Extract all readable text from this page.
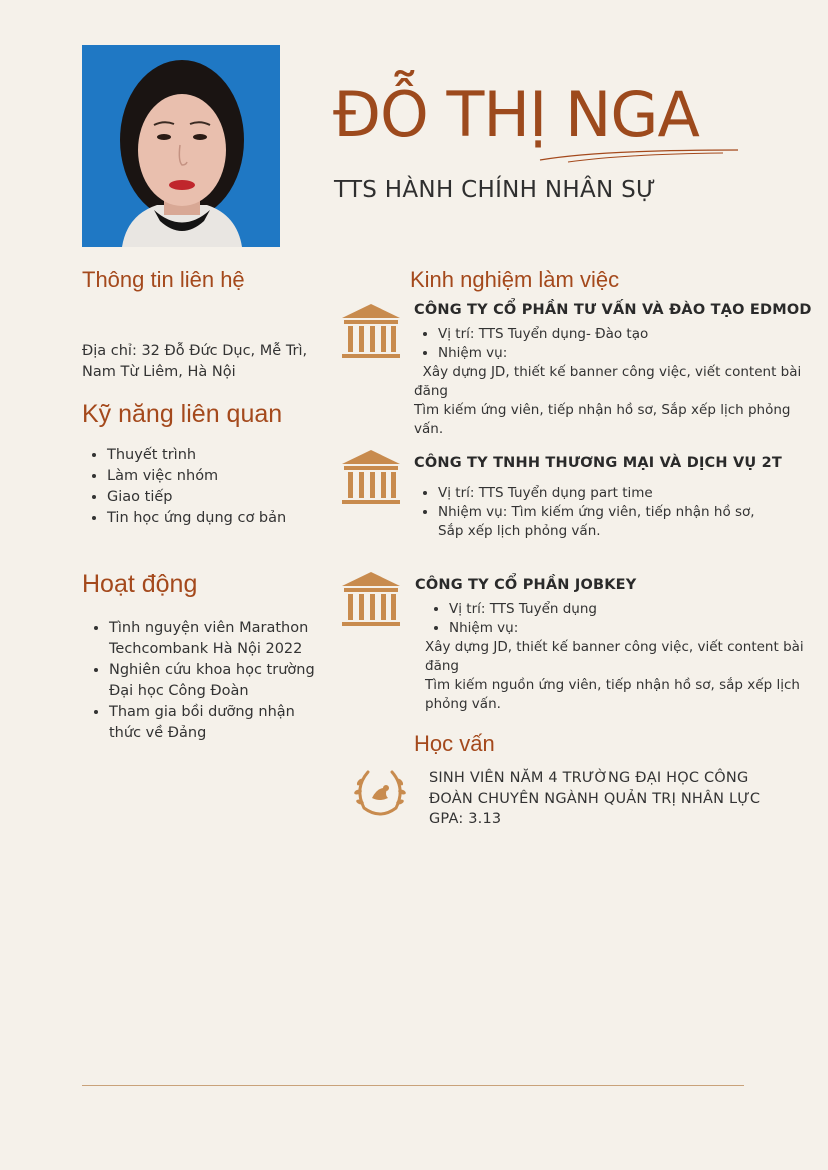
ĐỖ THỊ NGA
TTS HÀNH CHÍNH NHÂN SỰ
Thông tin liên hệ
Địa chỉ: 32 Đỗ Đức Dục, Mễ Trì,
Nam Từ Liêm, Hà Nội
Kỹ năng liên quan
• Thuyết trình
• Làm việc nhóm
• Giao tiếp
• Tin học ứng dụng cơ bản
Hoạt động
• Tình nguyện viên Marathon Techcombank Hà Nội 2022
• Nghiên cứu khoa học trường Đại học Công Đoàn
• Tham gia bồi dưỡng nhận thức về Đảng
Kinh nghiệm làm việc
CÔNG TY CỔ PHẦN TƯ VẤN VÀ ĐÀO TẠO EDMOD
• Vị trí: TTS Tuyển dụng- Đào tạo
• Nhiệm vụ:
Xây dựng JD, thiết kế banner công việc, viết content bài đăng
Tìm kiếm ứng viên, tiếp nhận hồ sơ, Sắp xếp lịch phỏng vấn.
CÔNG TY TNHH THƯƠNG MẠI VÀ DỊCH VỤ 2T
• Vị trí: TTS Tuyển dụng part time
• Nhiệm vụ: Tìm kiếm ứng viên, tiếp nhận hồ sơ, Sắp xếp lịch phỏng vấn.
CÔNG TY CỔ PHẦN JOBKEY
• Vị trí: TTS Tuyển dụng
• Nhiệm vụ:
Xây dựng JD, thiết kế banner công việc, viết content bài đăng
Tìm kiếm nguồn ứng viên, tiếp nhận hồ sơ, sắp xếp lịch phỏng vấn.
Học vấn
SINH VIÊN NĂM 4 TRƯỜNG ĐẠI HỌC CÔNG
ĐOÀN CHUYÊN NGÀNH QUẢN TRỊ NHÂN LỰC
GPA: 3.13
